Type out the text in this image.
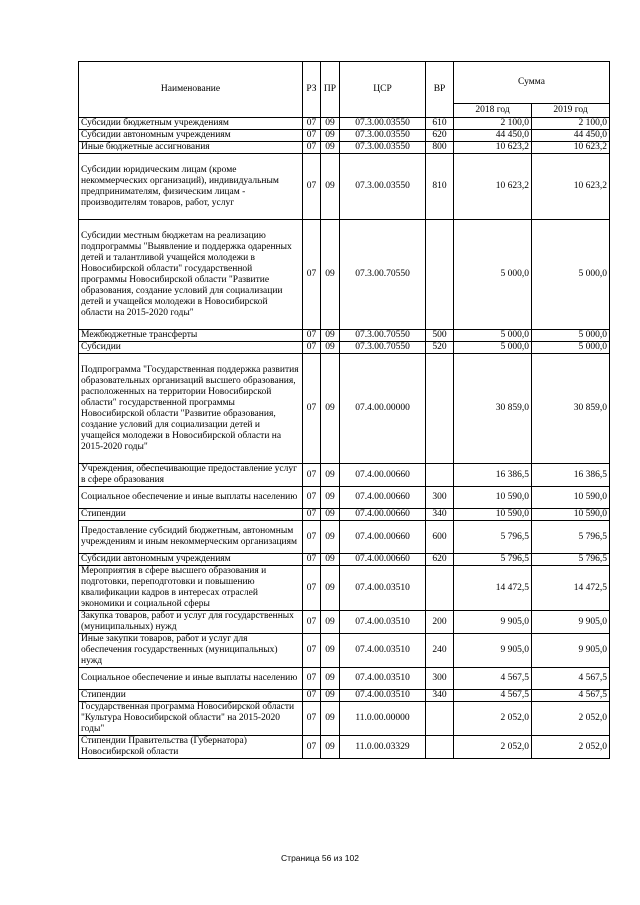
Наименование	РЗ	ПР	ЦСР	ВР	Сумма	
					2018 год	2019 год
Субсидии бюджетным учреждениям	07	09	07.3.00.03550	610	2 100,0	2 100,0
Субсидии автономным учреждениям	07	09	07.3.00.03550	620	44 450,0	44 450,0
Иные бюджетные ассигнования	07	09	07.3.00.03550	800	10 623,2	10 623,2
Субсидии юридическим лицам (кроме некоммерческих организаций), индивидуальным предпринимателям, физическим лицам - производителям товаров, работ, услуг	07	09	07.3.00.03550	810	10 623,2	10 623,2
Субсидии местным бюджетам на реализацию подпрограммы "Выявление и поддержка одаренных детей и талантливой учащейся молодежи в Новосибирской области" государственной программы Новосибирской области "Развитие образования, создание условий для социализации детей и учащейся молодежи в Новосибирской области на 2015-2020 годы"	07	09	07.3.00.70550		5 000,0	5 000,0
Межбюджетные трансферты	07	09	07.3.00.70550	500	5 000,0	5 000,0
Субсидии	07	09	07.3.00.70550	520	5 000,0	5 000,0
Подпрограмма "Государственная поддержка развития образовательных организаций высшего образования, расположенных на территории Новосибирской области" государственной программы Новосибирской области "Развитие образования, создание условий для социализации детей и учащейся молодежи в Новосибирской области на 2015-2020 годы"	07	09	07.4.00.00000		30 859,0	30 859,0
Учреждения, обеспечивающие предоставление услуг в сфере образования	07	09	07.4.00.00660		16 386,5	16 386,5
Социальное обеспечение и иные выплаты населению	07	09	07.4.00.00660	300	10 590,0	10 590,0
Стипендии	07	09	07.4.00.00660	340	10 590,0	10 590,0
Предоставление субсидий бюджетным, автономным учреждениям и иным некоммерческим организациям	07	09	07.4.00.00660	600	5 796,5	5 796,5
Субсидии автономным учреждениям	07	09	07.4.00.00660	620	5 796,5	5 796,5
Мероприятия в сфере высшего образования и подготовки, переподготовки и повышению квалификации кадров в интересах отраслей экономики и социальной сферы	07	09	07.4.00.03510		14 472,5	14 472,5
Закупка товаров, работ и услуг для государственных (муниципальных) нужд	07	09	07.4.00.03510	200	9 905,0	9 905,0
Иные закупки товаров, работ и услуг для обеспечения государственных (муниципальных) нужд	07	09	07.4.00.03510	240	9 905,0	9 905,0
Социальное обеспечение и иные выплаты населению	07	09	07.4.00.03510	300	4 567,5	4 567,5
Стипендии	07	09	07.4.00.03510	340	4 567,5	4 567,5
Государственная программа Новосибирской области "Культура Новосибирской области" на 2015-2020 годы"	07	09	11.0.00.00000		2 052,0	2 052,0
Стипендии Правительства (Губернатора) Новосибирской области	07	09	11.0.00.03329		2 052,0	2 052,0
Страница 56 из 102
